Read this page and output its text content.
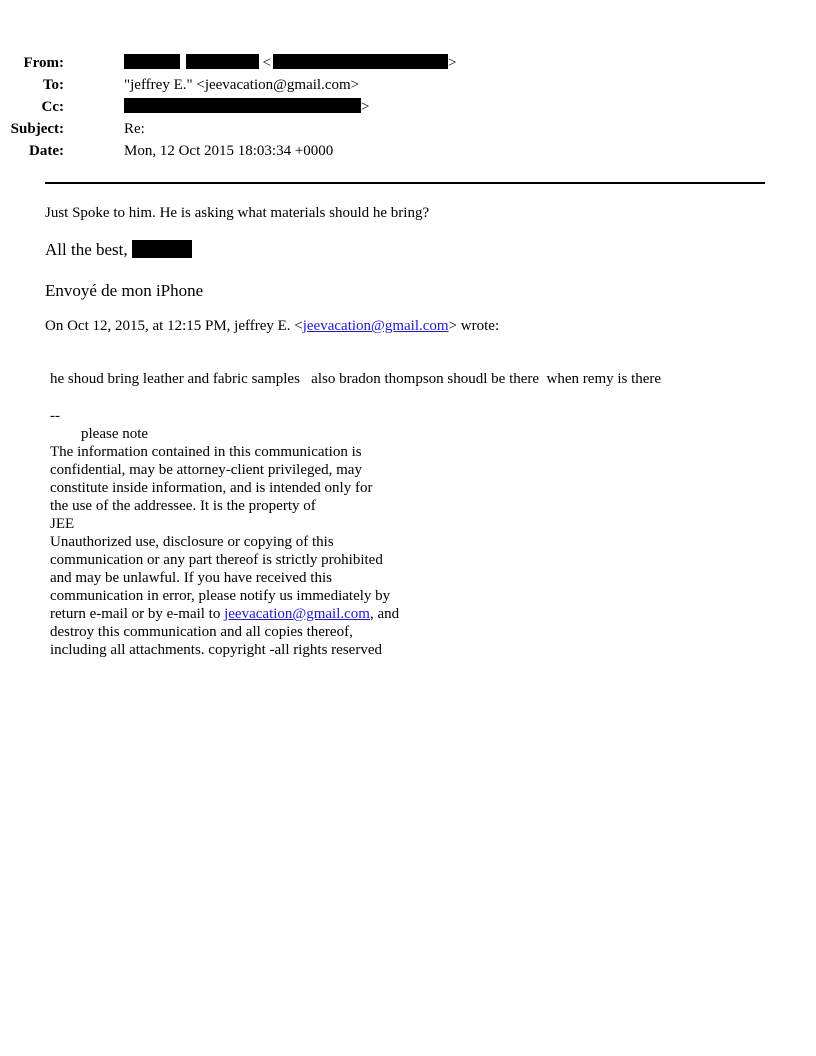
From:	<	>
To:	"jeffrey E." <jeevacation@gmail.com>
Cc:	>
Subject:	Re:
Date:	Mon, 12 Oct 2015 18:03:34 +0000
Just Spoke to him. He is asking what materials should he bring?
All the best,
Envoyé de mon iPhone
On Oct 12, 2015, at 12:15 PM, jeffrey E. <jeevacation@gmail.com> wrote:
he shoud bring leather and fabric samples   also bradon thompson shoudl be there  when remy is there
--
please note
The information contained in this communication is
confidential, may be attorney-client privileged, may
constitute inside information, and is intended only for
the use of the addressee. It is the property of
JEE
Unauthorized use, disclosure or copying of this
communication or any part thereof is strictly prohibited
and may be unlawful. If you have received this
communication in error, please notify us immediately by
return e-mail or by e-mail to jeevacation@gmail.com, and
destroy this communication and all copies thereof,
including all attachments. copyright -all rights reserved
